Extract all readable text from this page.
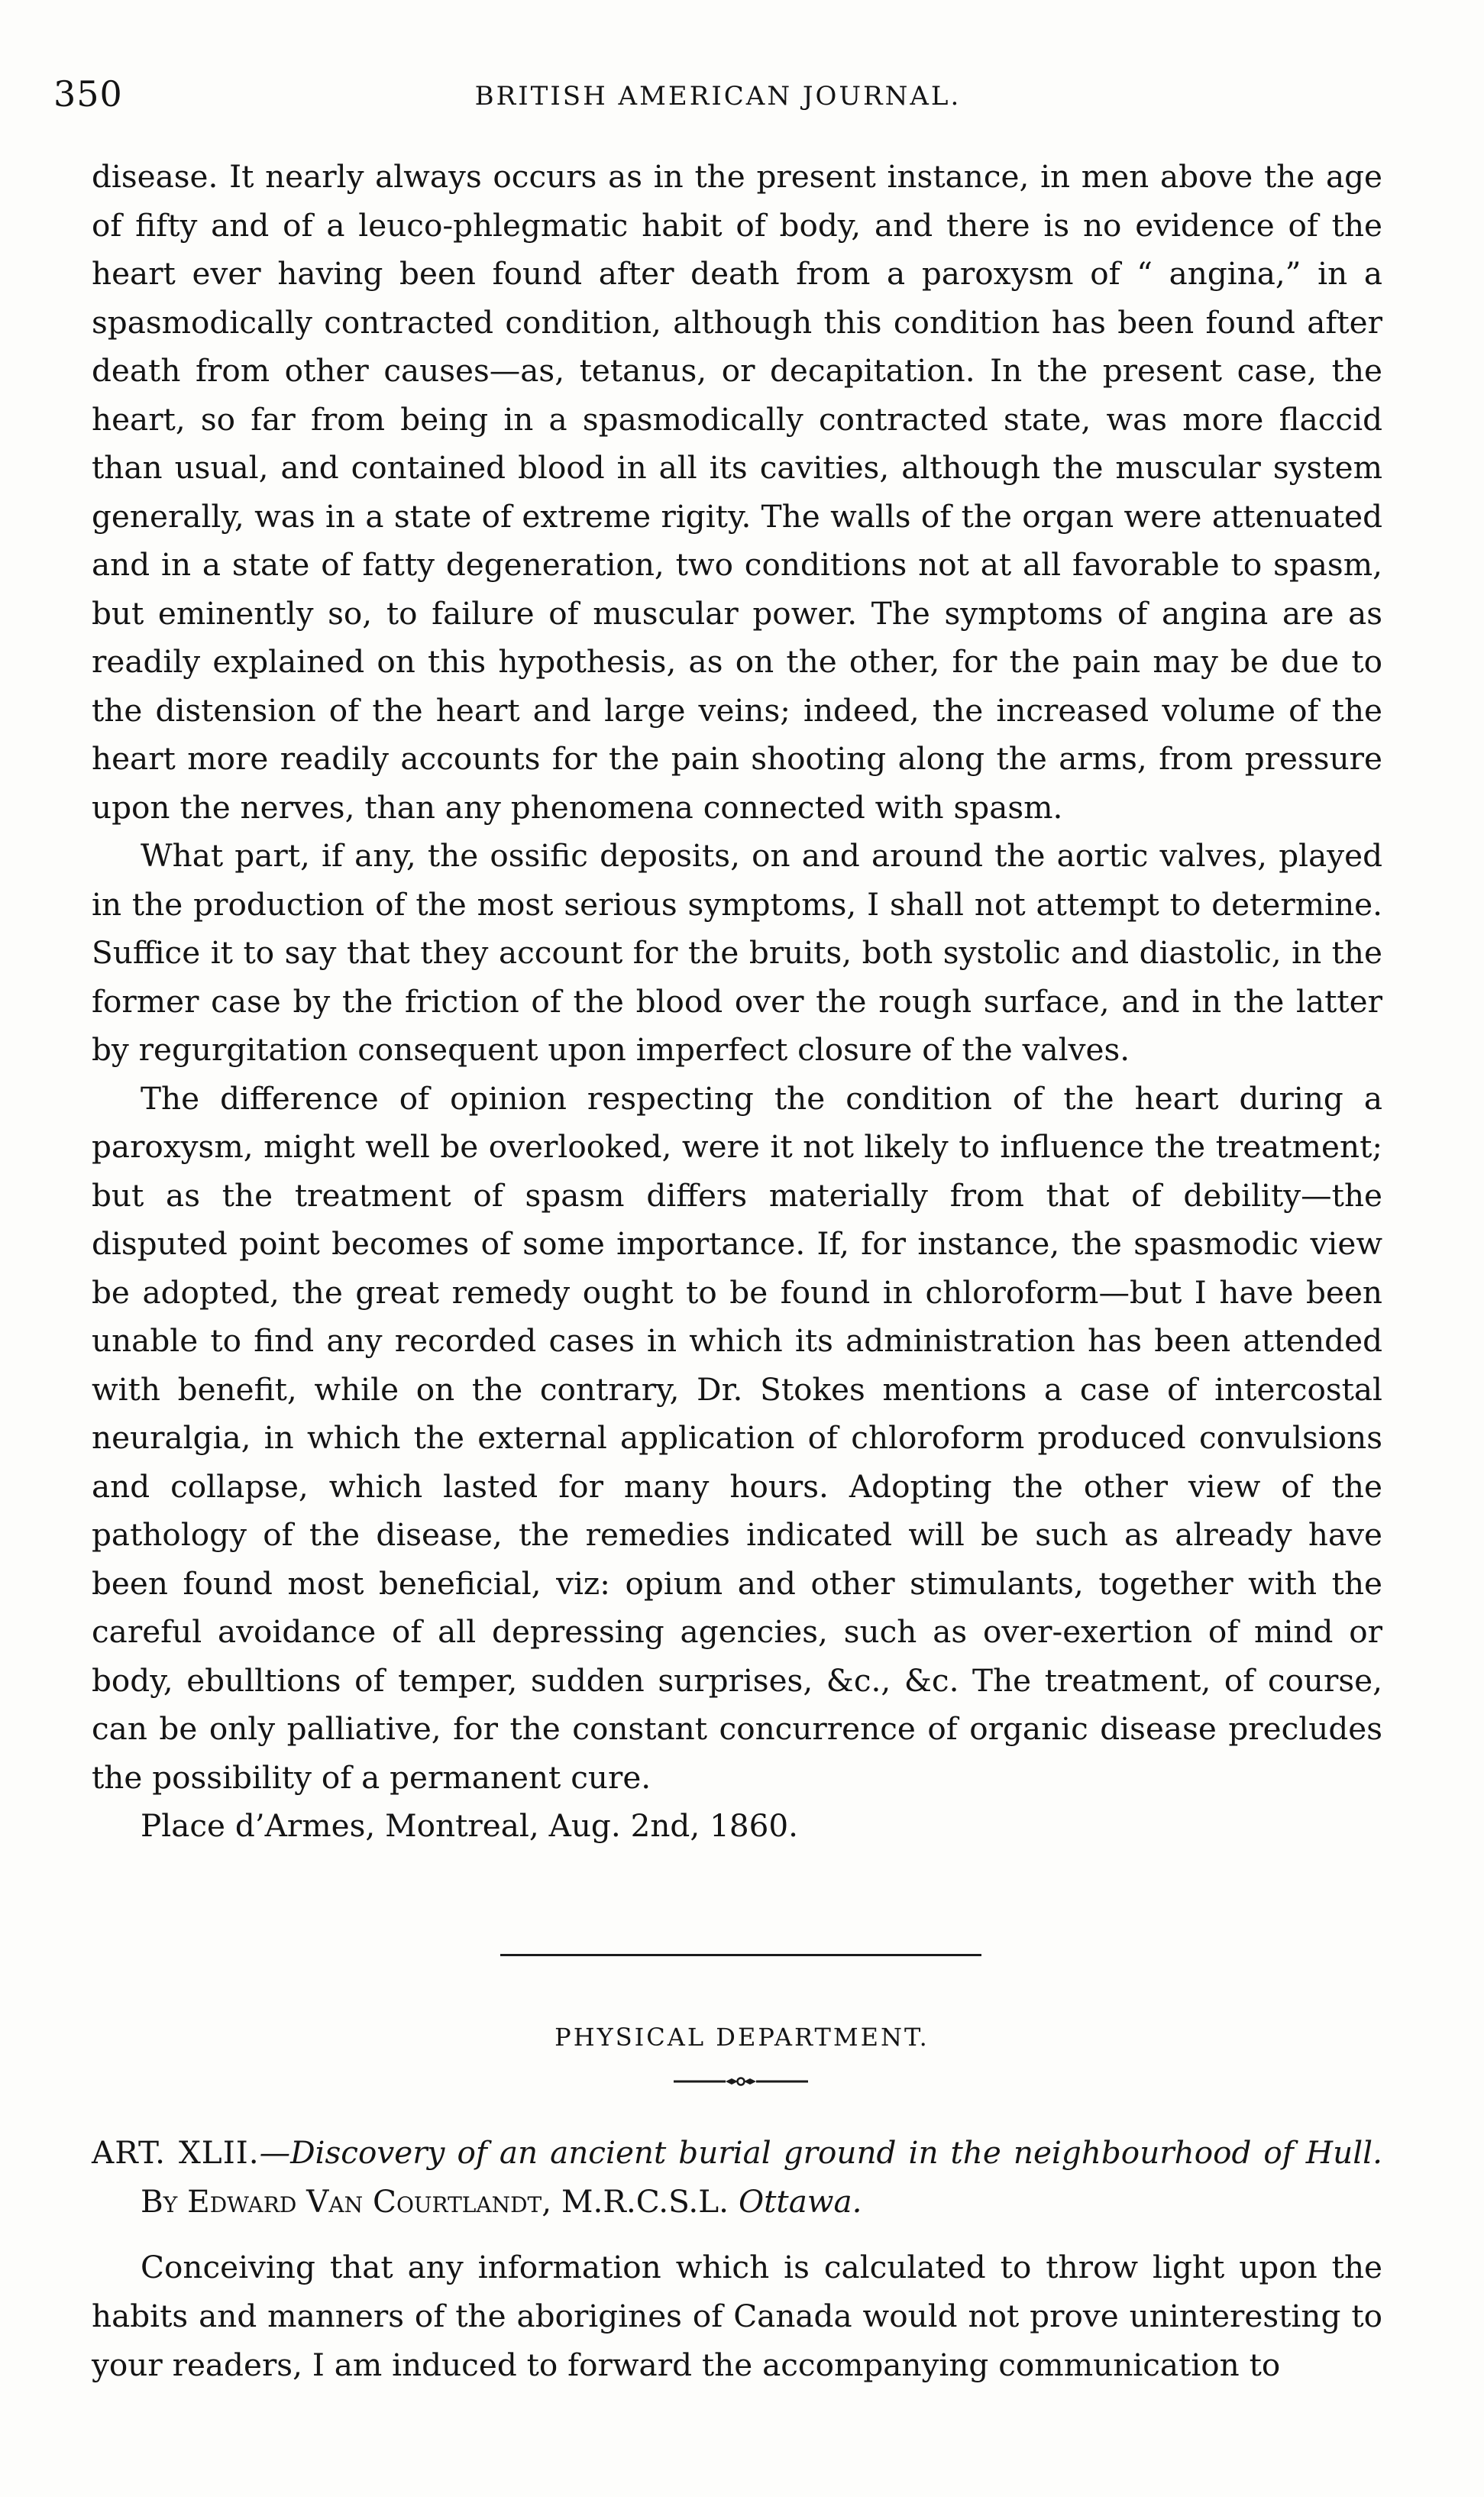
350	BRITISH AMERICAN JOURNAL.

disease. It nearly always occurs as in the present instance, in men above the age of fifty and of a leuco-phlegmatic habit of body, and there is no evidence of the heart ever having been found after death from a paroxysm of “ angina,” in a spasmodically contracted condition, although this condition has been found after death from other causes—as, tetanus, or decapitation. In the present case, the heart, so far from being in a spasmodically contracted state, was more flaccid than usual, and contained blood in all its cavities, although the muscular system generally, was in a state of extreme rigity. The walls of the organ were attenuated and in a state of fatty degeneration, two conditions not at all favorable to spasm, but eminently so, to failure of muscular power. The symptoms of angina are as readily explained on this hypothesis, as on the other, for the pain may be due to the distension of the heart and large veins; indeed, the increased volume of the heart more readily accounts for the pain shooting along the arms, from pressure upon the nerves, than any phenomena connected with spasm.

What part, if any, the ossific deposits, on and around the aortic valves, played in the production of the most serious symptoms, I shall not attempt to determine. Suffice it to say that they account for the bruits, both systolic and diastolic, in the former case by the friction of the blood over the rough surface, and in the latter by regurgitation consequent upon imperfect closure of the valves.

The difference of opinion respecting the condition of the heart during a paroxysm, might well be overlooked, were it not likely to influence the treatment; but as the treatment of spasm differs materially from that of debility—the disputed point becomes of some importance. If, for instance, the spasmodic view be adopted, the great remedy ought to be found in chloroform—but I have been unable to find any recorded cases in which its administration has been attended with benefit, while on the contrary, Dr. Stokes mentions a case of intercostal neuralgia, in which the external application of chloroform produced convulsions and collapse, which lasted for many hours. Adopting the other view of the pathology of the disease, the remedies indicated will be such as already have been found most beneficial, viz: opium and other stimulants, together with the careful avoidance of all depressing agencies, such as over-exertion of mind or body, ebulltions of temper, sudden surprises, &c., &c. The treatment, of course, can be only palliative, for the constant concurrence of organic disease precludes the possibility of a permanent cure.

Place d’Armes, Montreal, Aug. 2nd, 1860.

PHYSICAL DEPARTMENT.

ART. XLII.—Discovery of an ancient burial ground in the neighbourhood of Hull. By Edward Van Courtlandt, M.R.C.S.L. Ottawa.

Conceiving that any information which is calculated to throw light upon the habits and manners of the aborigines of Canada would not prove uninteresting to your readers, I am induced to forward the accompanying communication to
